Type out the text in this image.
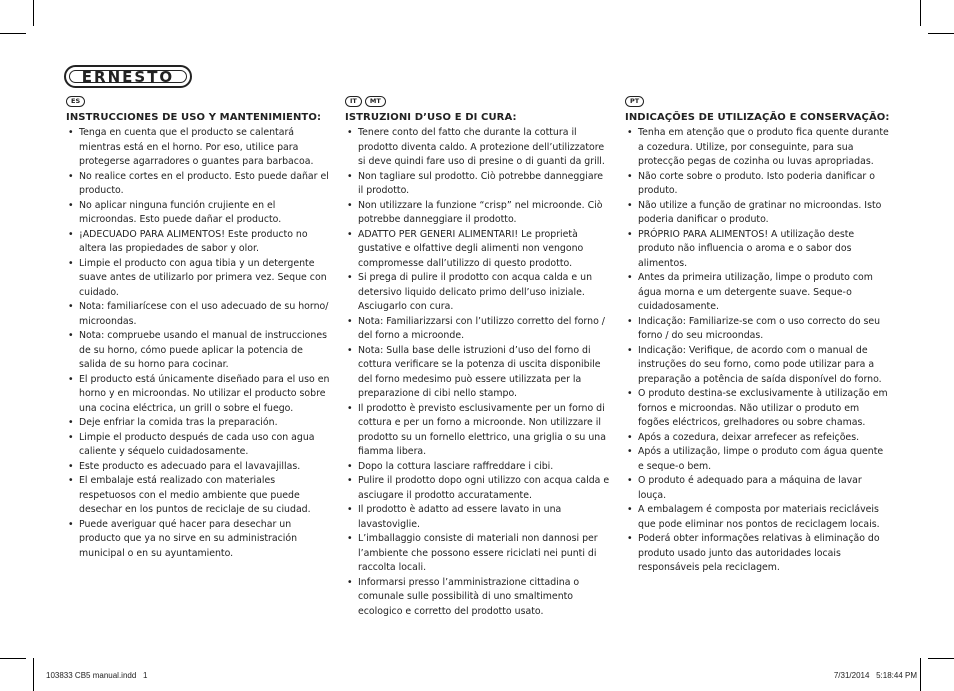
ERNESTO
ES
INSTRUCCIONES DE USO Y MANTENIMIENTO:
• Tenga en cuenta que el producto se calentará mientras está en el horno. Por eso, utilice para protegerse agarradores o guantes para barbacoa.
• No realice cortes en el producto. Esto puede dañar el producto.
• No aplicar ninguna función crujiente en el microondas. Esto puede dañar el producto.
• ¡ADECUADO PARA ALIMENTOS! Este producto no altera las propiedades de sabor y olor.
• Limpie el producto con agua tibia y un detergente suave antes de utilizarlo por primera vez. Seque con cuidado.
• Nota: familiarícese con el uso adecuado de su horno/ microondas.
• Nota: compruebe usando el manual de instrucciones de su horno, cómo puede aplicar la potencia de salida de su horno para cocinar.
• El producto está únicamente diseñado para el uso en horno y en microondas. No utilizar el producto sobre una cocina eléctrica, un grill o sobre el fuego.
• Deje enfriar la comida tras la preparación.
• Limpie el producto después de cada uso con agua caliente y séquelo cuidadosamente.
• Este producto es adecuado para el lavavajillas.
• El embalaje está realizado con materiales respetuosos con el medio ambiente que puede desechar en los puntos de reciclaje de su ciudad.
• Puede averiguar qué hacer para desechar un producto que ya no sirve en su administración municipal o en su ayuntamiento.
IT	MT
ISTRUZIONI D’USO E DI CURA:
• Tenere conto del fatto che durante la cottura il prodotto diventa caldo. A protezione dell’utilizzatore si deve quindi fare uso di presine o di guanti da grill.
• Non tagliare sul prodotto. Ciò potrebbe danneggiare il prodotto.
• Non utilizzare la funzione “crisp” nel microonde. Ciò potrebbe danneggiare il prodotto.
• ADATTO PER GENERI ALIMENTARI! Le proprietà gustative e olfattive degli alimenti non vengono compromesse dall’utilizzo di questo prodotto.
• Si prega di pulire il prodotto con acqua calda e un detersivo liquido delicato primo dell’uso iniziale. Asciugarlo con cura.
• Nota: Familiarizzarsi con l’utilizzo corretto del forno / del forno a microonde.
• Nota: Sulla base delle istruzioni d’uso del forno di cottura verificare se la potenza di uscita disponibile del forno medesimo può essere utilizzata per la preparazione di cibi nello stampo.
• Il prodotto è previsto esclusivamente per un forno di cottura e per un forno a microonde. Non utilizzare il prodotto su un fornello elettrico, una griglia o su una fiamma libera.
• Dopo la cottura lasciare raffreddare i cibi.
• Pulire il prodotto dopo ogni utilizzo con acqua calda e asciugare il prodotto accuratamente.
• Il prodotto è adatto ad essere lavato in una lavastoviglie.
• L’imballaggio consiste di materiali non dannosi per l’ambiente che possono essere riciclati nei punti di raccolta locali.
• Informarsi presso l’amministrazione cittadina o comunale sulle possibilità di uno smaltimento ecologico e corretto del prodotto usato.
PT
INDICAÇÕES DE UTILIZAÇÃO E CONSERVAÇÃO:
• Tenha em atenção que o produto fica quente durante a cozedura. Utilize, por conseguinte, para sua protecção pegas de cozinha ou luvas apropriadas.
• Não corte sobre o produto. Isto poderia danificar o produto.
• Não utilize a função de gratinar no microondas. Isto poderia danificar o produto.
• PRÓPRIO PARA ALIMENTOS! A utilização deste produto não influencia o aroma e o sabor dos alimentos.
• Antes da primeira utilização, limpe o produto com água morna e um detergente suave. Seque-o cuidadosamente.
• Indicação: Familiarize-se com o uso correcto do seu forno / do seu microondas.
• Indicação: Verifique, de acordo com o manual de instruções do seu forno, como pode utilizar para a preparação a potência de saída disponível do forno.
• O produto destina-se exclusivamente à utilização em fornos e microondas. Não utilizar o produto em fogões eléctricos, grelhadores ou sobre chamas.
• Após a cozedura, deixar arrefecer as refeições.
• Após a utilização, limpe o produto com água quente e seque-o bem.
• O produto é adequado para a máquina de lavar louça.
• A embalagem é composta por materiais recicláveis que pode eliminar nos pontos de reciclagem locais.
• Poderá obter informações relativas à eliminação do produto usado junto das autoridades locais responsáveis pela reciclagem.
103833 CB5 manual.indd   1	7/31/2014   5:18:44 PM
